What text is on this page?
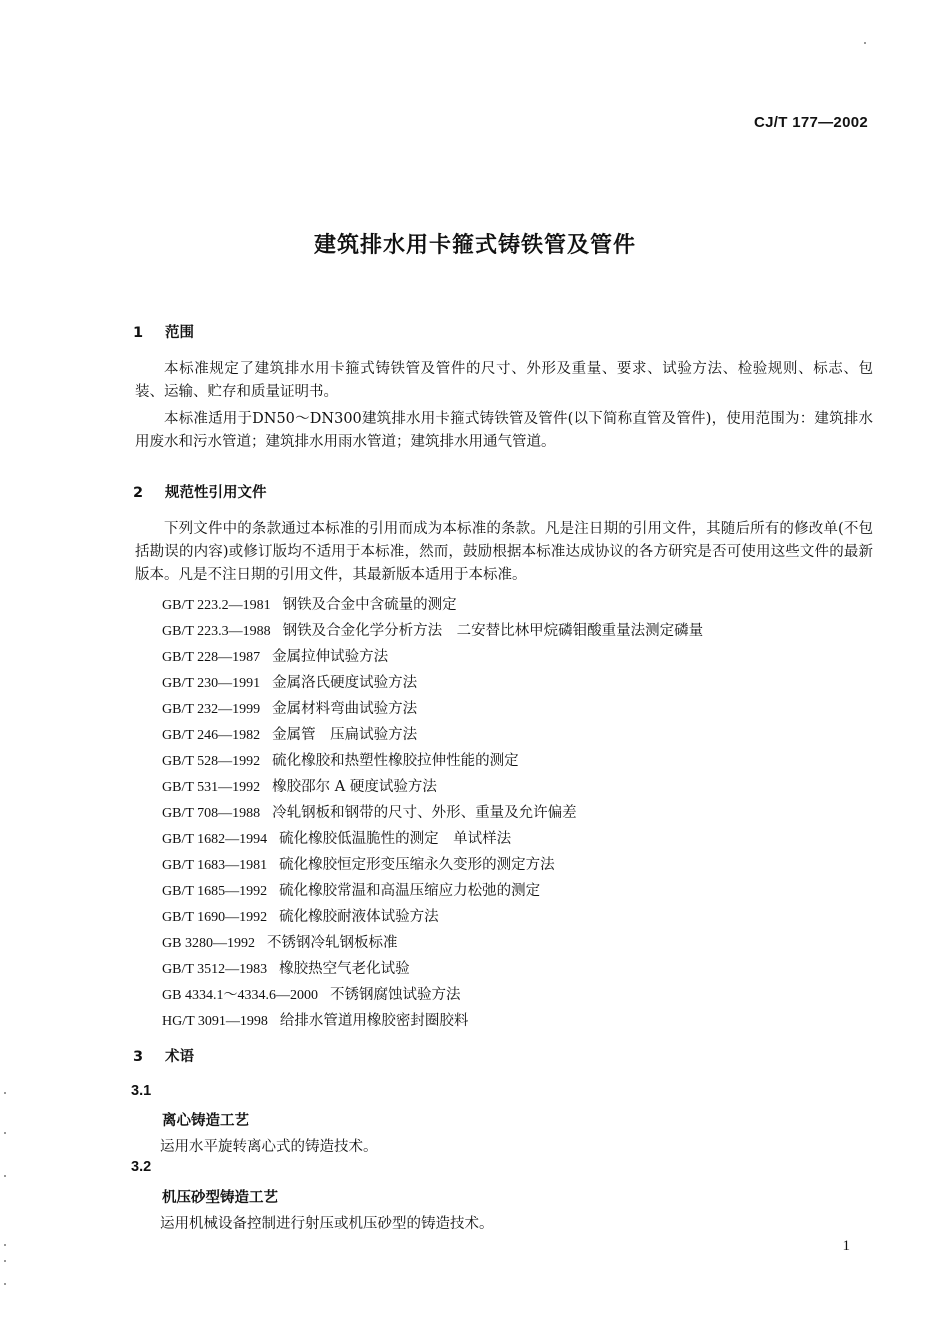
CJ/T 177—2002
建筑排水用卡箍式铸铁管及管件
1 范围
本标准规定了建筑排水用卡箍式铸铁管及管件的尺寸、外形及重量、要求、试验方法、检验规则、标志、包装、运输、贮存和质量证明书。
本标准适用于DN50～DN300建筑排水用卡箍式铸铁管及管件(以下简称直管及管件)，使用范围为：建筑排水用废水和污水管道；建筑排水用雨水管道；建筑排水用通气管道。
2 规范性引用文件
下列文件中的条款通过本标准的引用而成为本标准的条款。凡是注日期的引用文件，其随后所有的修改单(不包括勘误的内容)或修订版均不适用于本标准，然而，鼓励根据本标准达成协议的各方研究是否可使用这些文件的最新版本。凡是不注日期的引用文件，其最新版本适用于本标准。
GB/T 223.2—1981 钢铁及合金中含硫量的测定
GB/T 223.3—1988 钢铁及合金化学分析方法　二安替比林甲烷磷钼酸重量法测定磷量
GB/T 228—1987 金属拉伸试验方法
GB/T 230—1991 金属洛氏硬度试验方法
GB/T 232—1999 金属材料弯曲试验方法
GB/T 246—1982 金属管　压扁试验方法
GB/T 528—1992 硫化橡胶和热塑性橡胶拉伸性能的测定
GB/T 531—1992 橡胶邵尔 A 硬度试验方法
GB/T 708—1988 冷轧钢板和钢带的尺寸、外形、重量及允许偏差
GB/T 1682—1994 硫化橡胶低温脆性的测定　单试样法
GB/T 1683—1981 硫化橡胶恒定形变压缩永久变形的测定方法
GB/T 1685—1992 硫化橡胶常温和高温压缩应力松弛的测定
GB/T 1690—1992 硫化橡胶耐液体试验方法
GB 3280—1992 不锈钢冷轧钢板标准
GB/T 3512—1983 橡胶热空气老化试验
GB 4334.1～4334.6—2000 不锈钢腐蚀试验方法
HG/T 3091—1998 给排水管道用橡胶密封圈胶料
3 术语
3.1
离心铸造工艺
运用水平旋转离心式的铸造技术。
3.2
机压砂型铸造工艺
运用机械设备控制进行射压或机压砂型的铸造技术。
1
